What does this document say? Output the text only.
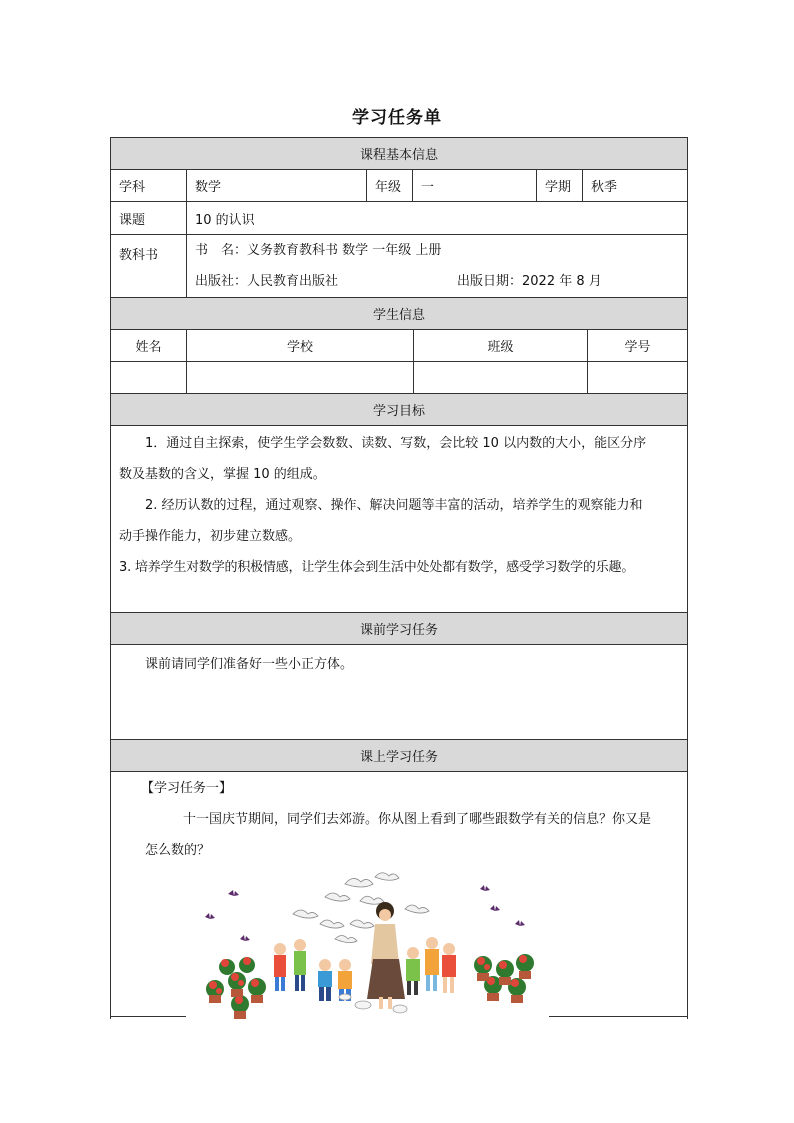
学习任务单
课程基本信息
学科	数学	年级	一	学期	秋季
课题	10 的认识
教科书	书　名：义务教育教科书 数学 一年级 上册
出版社：人民教育出版社	出版日期：2022 年 8 月
学生信息
姓名	学校	班级	学号
学习目标
1．通过自主探索，使学生学会数数、读数、写数，会比较 10 以内数的大小，能区分序
数及基数的含义，掌握 10 的组成。
2. 经历认数的过程，通过观察、操作、解决问题等丰富的活动，培养学生的观察能力和
动手操作能力，初步建立数感。
3. 培养学生对数学的积极情感，让学生体会到生活中处处都有数学，感受学习数学的乐趣。
课前学习任务
课前请同学们准备好一些小正方体。
课上学习任务
【学习任务一】
十一国庆节期间，同学们去郊游。你从图上看到了哪些跟数学有关的信息？你又是
怎么数的？
